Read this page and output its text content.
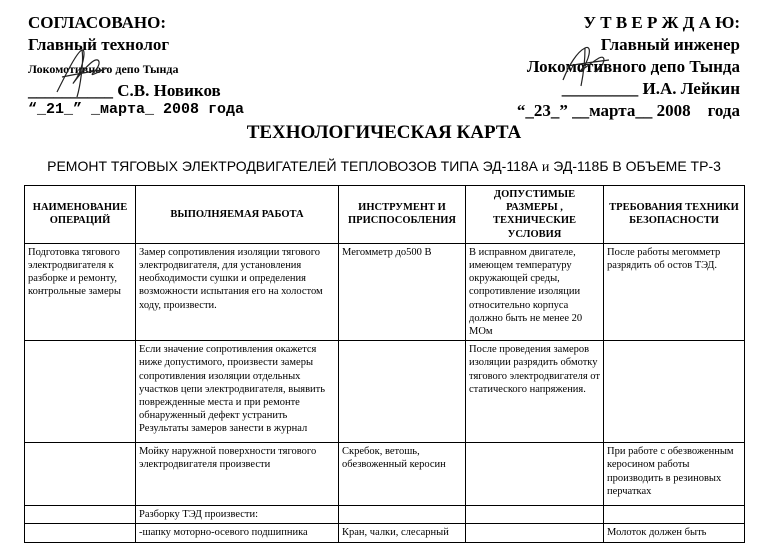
СОГЛАСОВАНО:
Главный технолог
Локомотивного депо Тында
__________ С.В. Новиков
“_21_” _марта_ 2008 года
У Т В Е Р Ж Д А Ю:
Главный инженер
Локомотивного депо Тында
_________ И.А. Лейкин
“_23_” __марта__ 2008    года
ТЕХНОЛОГИЧЕСКАЯ КАРТА
РЕМОНТ ТЯГОВЫХ ЭЛЕКТРОДВИГАТЕЛЕЙ ТЕПЛОВОЗОВ ТИПА ЭД-118А и ЭД-118Б В ОБЪЕМЕ ТР-3
НАИМЕНОВАНИЕ ОПЕРАЦИЙ	ВЫПОЛНЯЕМАЯ РАБОТА	ИНСТРУМЕНТ И ПРИСПОСОБЛЕНИЯ	ДОПУСТИМЫЕ РАЗМЕРЫ , ТЕХНИЧЕСКИЕ УСЛОВИЯ	ТРЕБОВАНИЯ ТЕХНИКИ БЕЗОПАСНОСТИ
Подготовка тягового электродвигателя к разборке и ремонту, контрольные замеры	Замер сопротивления изоляции тягового электродвигателя, для установления необходимости сушки и определения возможности испытания его на холостом ходу, произвести.	Мегомметр до500 В	В исправном двигателе, имеющем температуру окружающей среды, сопротивление изоляции относительно корпуса должно быть не менее 20 МОм	После работы мегомметр разрядить об остов ТЭД.
	Если значение сопротивления окажется ниже допустимого, произвести замеры сопротивления изоляции отдельных участков цепи электродвигателя, выявить поврежденные места и при ремонте обнаруженный дефект устранить Результаты замеров занести в журнал		После проведения замеров изоляции разрядить обмотку тягового электродвигателя от статического напряжения.	
	Мойку наружной поверхности тягового электродвигателя произвести	Скребок, ветошь, обезвоженный керосин		При работе с обезвоженным керосином работы производить в резиновых перчатках
	Разборку ТЭД произвести:			
	-шапку моторно-осевого подшипника	Кран, чалки, слесарный		Молоток должен быть
